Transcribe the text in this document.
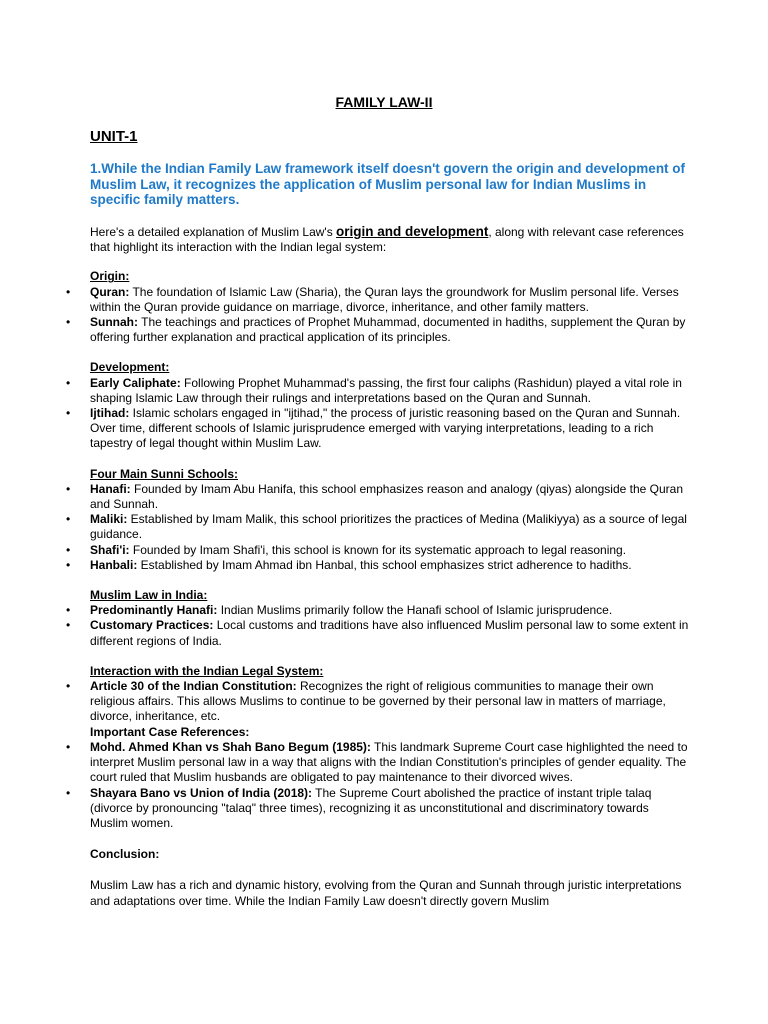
FAMILY LAW-II
UNIT-1
1.While the Indian Family Law framework itself doesn't govern the origin and development of Muslim Law, it recognizes the application of Muslim personal law for Indian Muslims in specific family matters.

Here's a detailed explanation of Muslim Law's origin and development, along with relevant case references that highlight its interaction with the Indian legal system:

Origin:
• Quran: The foundation of Islamic Law (Sharia), the Quran lays the groundwork for Muslim personal life. Verses within the Quran provide guidance on marriage, divorce, inheritance, and other family matters.
• Sunnah: The teachings and practices of Prophet Muhammad, documented in hadiths, supplement the Quran by offering further explanation and practical application of its principles.
Development:
• Early Caliphate: Following Prophet Muhammad's passing, the first four caliphs (Rashidun) played a vital role in shaping Islamic Law through their rulings and interpretations based on the Quran and Sunnah.
• Ijtihad: Islamic scholars engaged in "ijtihad," the process of juristic reasoning based on the Quran and Sunnah. Over time, different schools of Islamic jurisprudence emerged with varying interpretations, leading to a rich tapestry of legal thought within Muslim Law.
Four Main Sunni Schools:
• Hanafi: Founded by Imam Abu Hanifa, this school emphasizes reason and analogy (qiyas) alongside the Quran and Sunnah.
• Maliki: Established by Imam Malik, this school prioritizes the practices of Medina (Malikiyya) as a source of legal guidance.
• Shafi'i: Founded by Imam Shafi'i, this school is known for its systematic approach to legal reasoning.
• Hanbali: Established by Imam Ahmad ibn Hanbal, this school emphasizes strict adherence to hadiths.
Muslim Law in India:
• Predominantly Hanafi: Indian Muslims primarily follow the Hanafi school of Islamic jurisprudence.
• Customary Practices: Local customs and traditions have also influenced Muslim personal law to some extent in different regions of India.
Interaction with the Indian Legal System:
• Article 30 of the Indian Constitution: Recognizes the right of religious communities to manage their own religious affairs. This allows Muslims to continue to be governed by their personal law in matters of marriage, divorce, inheritance, etc.
Important Case References:
• Mohd. Ahmed Khan vs Shah Bano Begum (1985): This landmark Supreme Court case highlighted the need to interpret Muslim personal law in a way that aligns with the Indian Constitution's principles of gender equality. The court ruled that Muslim husbands are obligated to pay maintenance to their divorced wives.
• Shayara Bano vs Union of India (2018): The Supreme Court abolished the practice of instant triple talaq (divorce by pronouncing "talaq" three times), recognizing it as unconstitutional and discriminatory towards Muslim women.
Conclusion:

Muslim Law has a rich and dynamic history, evolving from the Quran and Sunnah through juristic interpretations and adaptations over time. While the Indian Family Law doesn't directly govern Muslim
